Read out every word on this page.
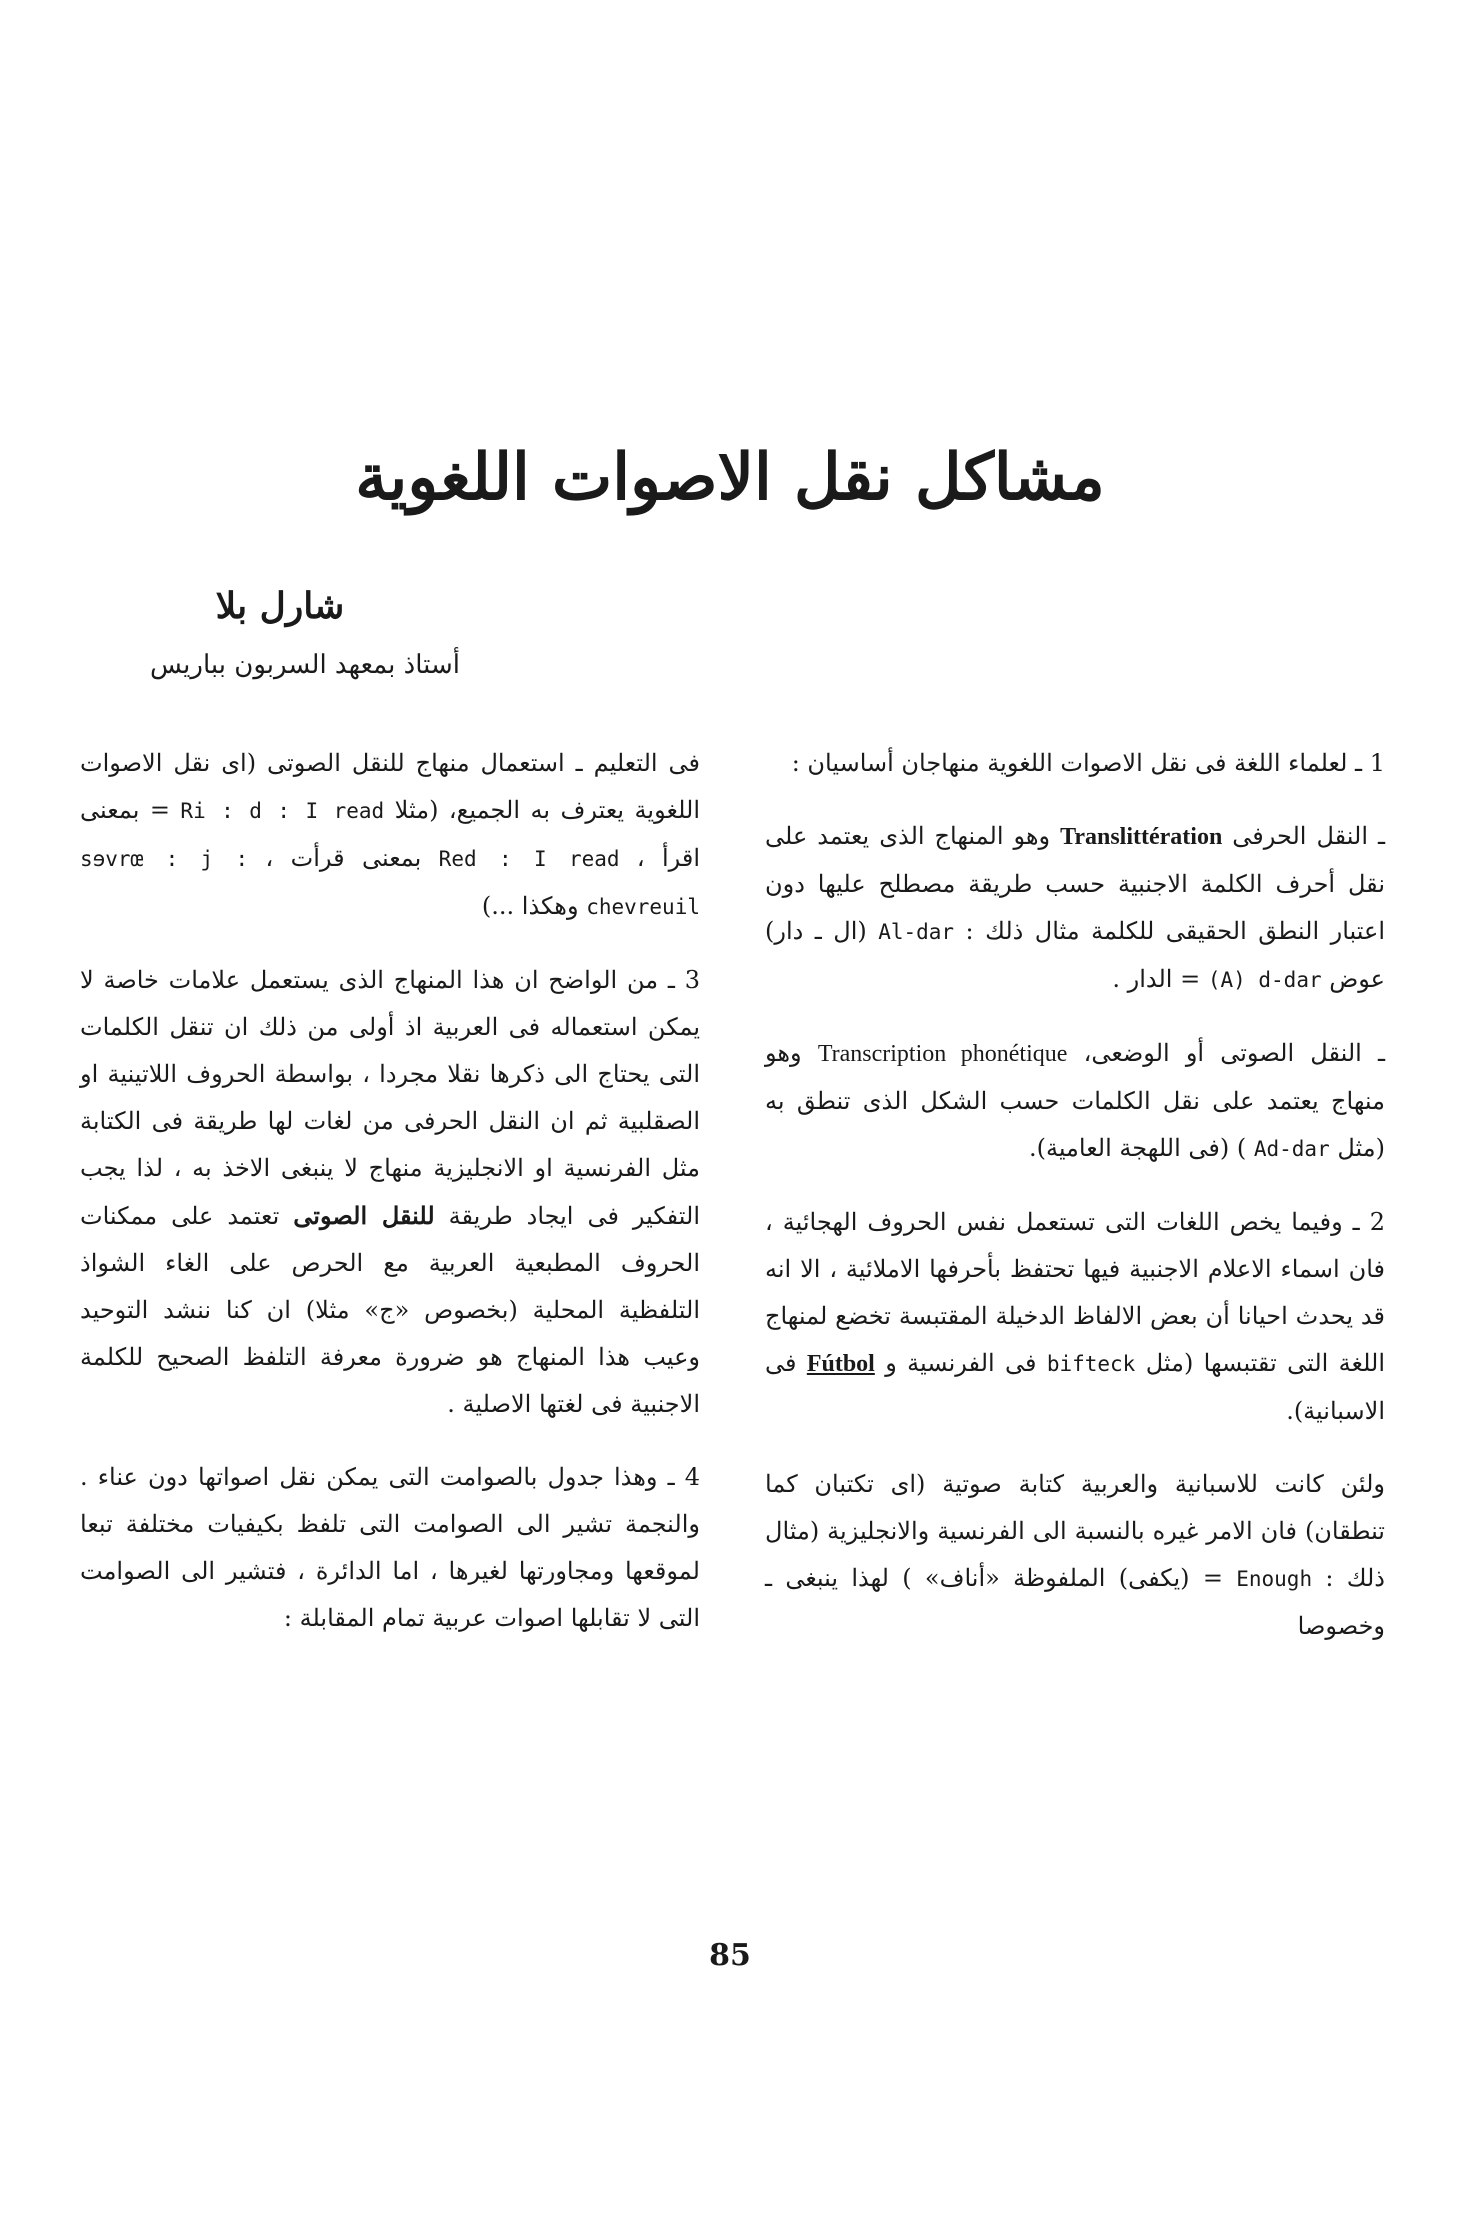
مشاكل نقل الاصوات اللغوية
شارل بلا
أستاذ بمعهد السربون بباريس

1 ـ لعلماء اللغة فى نقل الاصوات اللغوية منهاجان أساسيان :

ـ النقل الحرفى Translittération وهو المنهاج الذى يعتمد على نقل أحرف الكلمة الاجنبية حسب طريقة مصطلح عليها دون اعتبار النطق الحقيقى للكلمة مثال ذلك : Al-dar (ال ـ دار) عوض (A) d-dar = الدار .

ـ النقل الصوتى أو الوضعى، Transcription phonétique وهو منهاج يعتمد على نقل الكلمات حسب الشكل الذى تنطق به (مثل Ad-dar ) (فى اللهجة العامية).

2 ـ وفيما يخص اللغات التى تستعمل نفس الحروف الهجائية ، فان اسماء الاعلام الاجنبية فيها تحتفظ بأحرفها الاملائية ، الا انه قد يحدث احيانا أن بعض الالفاظ الدخيلة المقتبسة تخضع لمنهاج اللغة التى تقتبسها (مثل bifteck فى الفرنسية و Fútbol فى الاسبانية).

ولئن كانت للاسبانية والعربية كتابة صوتية (اى تكتبان كما تنطقان) فان الامر غيره بالنسبة الى الفرنسية والانجليزية (مثال ذلك : Enough = (يكفى) الملفوظة «أناف» ) لهذا ينبغى ـ وخصوصا

فى التعليم ـ استعمال منهاج للنقل الصوتى (اى نقل الاصوات اللغوية يعترف به الجميع، (مثلا Ri : d : I read = بمعنى اقرأ ، Red : I read بمعنى قرأت ، sɘvrœ : j : chevreuil وهكذا ...)

3 ـ من الواضح ان هذا المنهاج الذى يستعمل علامات خاصة لا يمكن استعماله فى العربية اذ أولى من ذلك ان تنقل الكلمات التى يحتاج الى ذكرها نقلا مجردا ، بواسطة الحروف اللاتينية او الصقلبية ثم ان النقل الحرفى من لغات لها طريقة فى الكتابة مثل الفرنسية او الانجليزية منهاج لا ينبغى الاخذ به ، لذا يجب التفكير فى ايجاد طريقة للنقل الصوتى تعتمد على ممكنات الحروف المطبعية العربية مع الحرص على الغاء الشواذ التلفظية المحلية (بخصوص «ج» مثلا) ان كنا ننشد التوحيد وعيب هذا المنهاج هو ضرورة معرفة التلفظ الصحيح للكلمة الاجنبية فى لغتها الاصلية .

4 ـ وهذا جدول بالصوامت التى يمكن نقل اصواتها دون عناء . والنجمة تشير الى الصوامت التى تلفظ بكيفيات مختلفة تبعا لموقعها ومجاورتها لغيرها ، اما الدائرة ، فتشير الى الصوامت التى لا تقابلها اصوات عربية تمام المقابلة :

85
